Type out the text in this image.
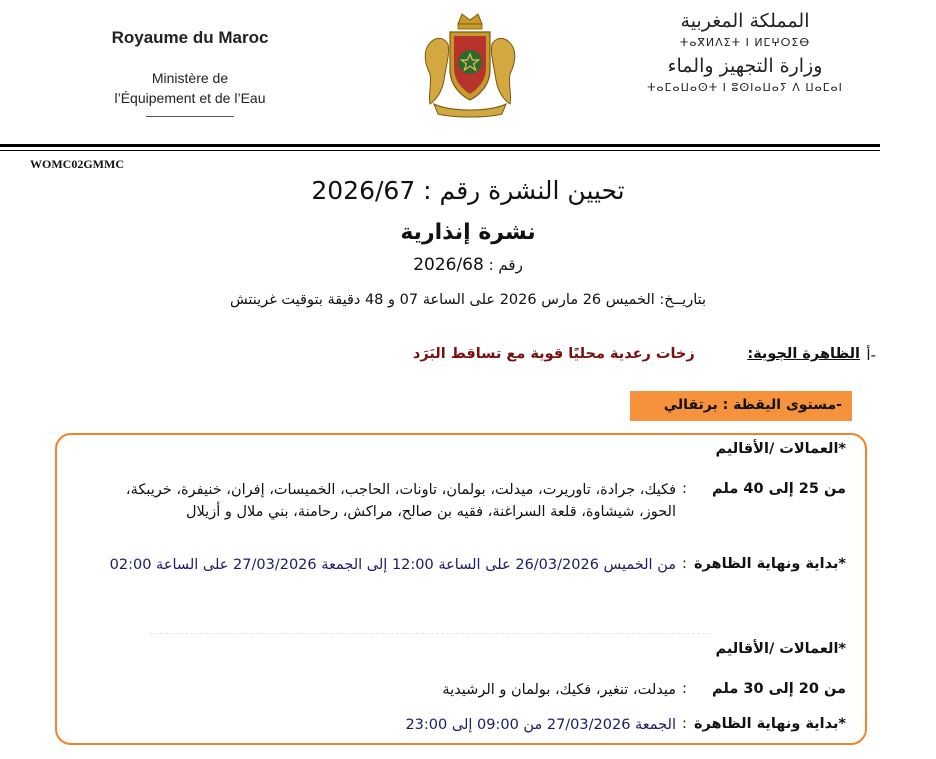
Royaume du Maroc
Ministère de
l’Équipement et de l’Eau
المملكة المغربية
ⵜⴰⴳⵍⴷⵉⵜ ⵏ ⵍⵎⵖⵔⵉⴱ
وزارة التجهيز والماء
ⵜⴰⵎⴰⵡⴰⵙⵜ ⵏ ⵓⵙⵏⴰⵡⴰⵢ ⴷ ⵡⴰⵎⴰⵏ
WOMC02GMMC
تحيين النشرة رقم : 2026/67
نشرة إنذارية
رقم : 2026/68
بتاريــخ: الخميس 26 مارس 2026 على الساعة 07 و 48 دقيقة بتوقيت غرينتش
أ-
الظاهرة الجوية: زخات رعدية محليًا قوية مع تساقط البَرَد
-مستوى اليقظة : برتقالي
*العمالات /الأقاليم
من 25 إلى 40 ملم
:
فكيك، جرادة، تاوريرت، ميدلت، بولمان، تاونات، الحاجب، الخميسات، إفران، خنيفرة، خريبكة، الحوز، شيشاوة، قلعة السراغنة، فقيه بن صالح، مراكش، رحامنة، بني ملال و أزيلال
*بداية ونهاية الظاهرة
:
من الخميس 26/03/2026 على الساعة 12:00 إلى الجمعة 27/03/2026 على الساعة 02:00
*العمالات /الأقاليم
من 20 إلى 30 ملم
:
ميدلت، تنغير، فكيك، بولمان و الرشيدية
*بداية ونهاية الظاهرة
:
الجمعة 27/03/2026 من 09:00 إلى 23:00
